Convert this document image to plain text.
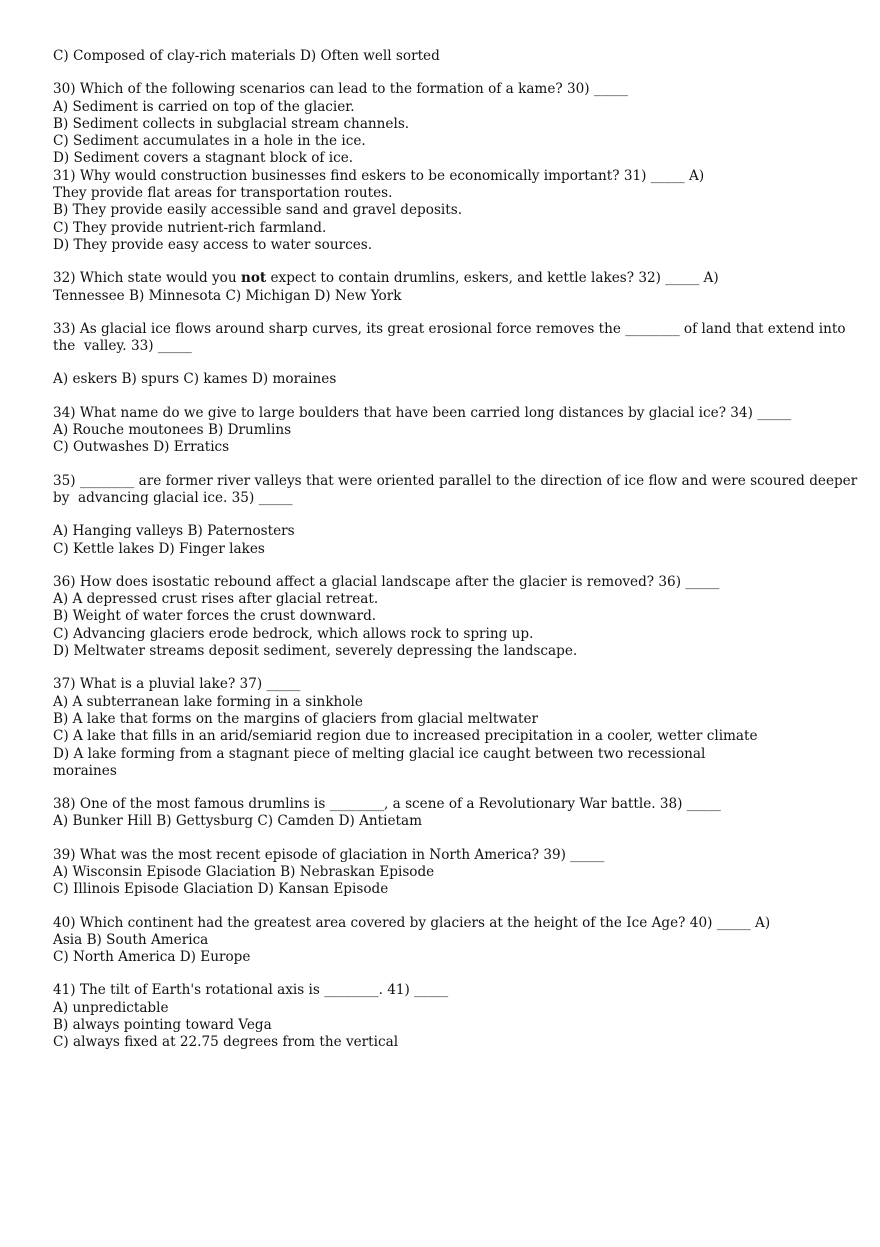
C) Composed of clay-rich materials D) Often well sorted
30) Which of the following scenarios can lead to the formation of a kame? 30) _____
A) Sediment is carried on top of the glacier.
B) Sediment collects in subglacial stream channels.
C) Sediment accumulates in a hole in the ice.
D) Sediment covers a stagnant block of ice.
31) Why would construction businesses find eskers to be economically important? 31) _____ A)
They provide flat areas for transportation routes.
B) They provide easily accessible sand and gravel deposits.
C) They provide nutrient-rich farmland.
D) They provide easy access to water sources.
32) Which state would you not expect to contain drumlins, eskers, and kettle lakes? 32) _____ A)
Tennessee B) Minnesota C) Michigan D) New York
33) As glacial ice flows around sharp curves, its great erosional force removes the ________ of land that extend into
the  valley. 33) _____
A) eskers B) spurs C) kames D) moraines
34) What name do we give to large boulders that have been carried long distances by glacial ice? 34) _____
A) Rouche moutonees B) Drumlins
C) Outwashes D) Erratics
35) ________ are former river valleys that were oriented parallel to the direction of ice flow and were scoured deeper
by  advancing glacial ice. 35) _____
A) Hanging valleys B) Paternosters
C) Kettle lakes D) Finger lakes
36) How does isostatic rebound affect a glacial landscape after the glacier is removed? 36) _____
A) A depressed crust rises after glacial retreat.
B) Weight of water forces the crust downward.
C) Advancing glaciers erode bedrock, which allows rock to spring up.
D) Meltwater streams deposit sediment, severely depressing the landscape.
37) What is a pluvial lake? 37) _____
A) A subterranean lake forming in a sinkhole
B) A lake that forms on the margins of glaciers from glacial meltwater
C) A lake that fills in an arid/semiarid region due to increased precipitation in a cooler, wetter climate
D) A lake forming from a stagnant piece of melting glacial ice caught between two recessional
moraines
38) One of the most famous drumlins is ________, a scene of a Revolutionary War battle. 38) _____
A) Bunker Hill B) Gettysburg C) Camden D) Antietam
39) What was the most recent episode of glaciation in North America? 39) _____
A) Wisconsin Episode Glaciation B) Nebraskan Episode
C) Illinois Episode Glaciation D) Kansan Episode
40) Which continent had the greatest area covered by glaciers at the height of the Ice Age? 40) _____ A)
Asia B) South America
C) North America D) Europe
41) The tilt of Earth's rotational axis is ________. 41) _____
A) unpredictable
B) always pointing toward Vega
C) always fixed at 22.75 degrees from the vertical
